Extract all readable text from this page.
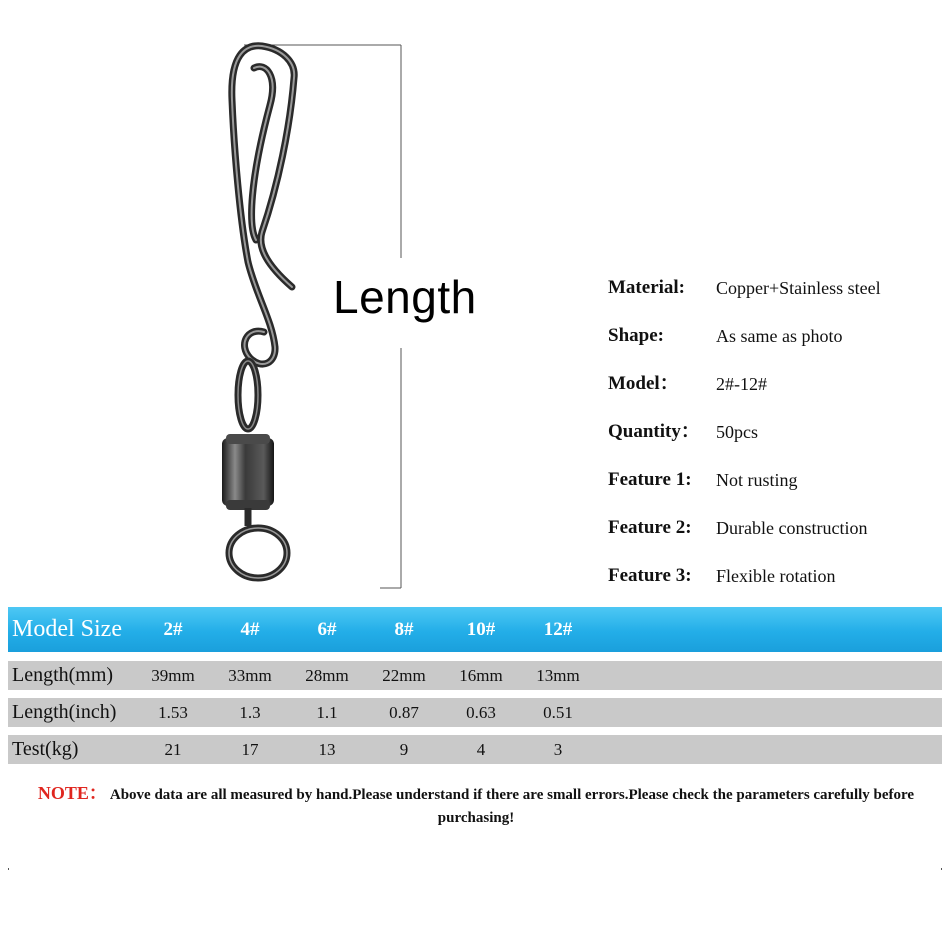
Length	Material: Copper+Stainless steel
Shape:	As same as photo
Model： 2#-12#
Quantity： 50pcs
Feature 1: Not rusting
Feature 2: Durable construction
Feature 3: Flexible rotation
Model Size	2#	4#	6#	8#	10#	12#
Length(mm)	39mm	33mm	28mm	22mm	16mm	13mm
Length(inch)	1.53	1.3	1.1	0.87	0.63	0.51
Test(kg)	21	17	13	9	4	3
NOTE： Above data are all measured by hand.Please understand if there are small errors.Please check the parameters carefully before purchasing!
